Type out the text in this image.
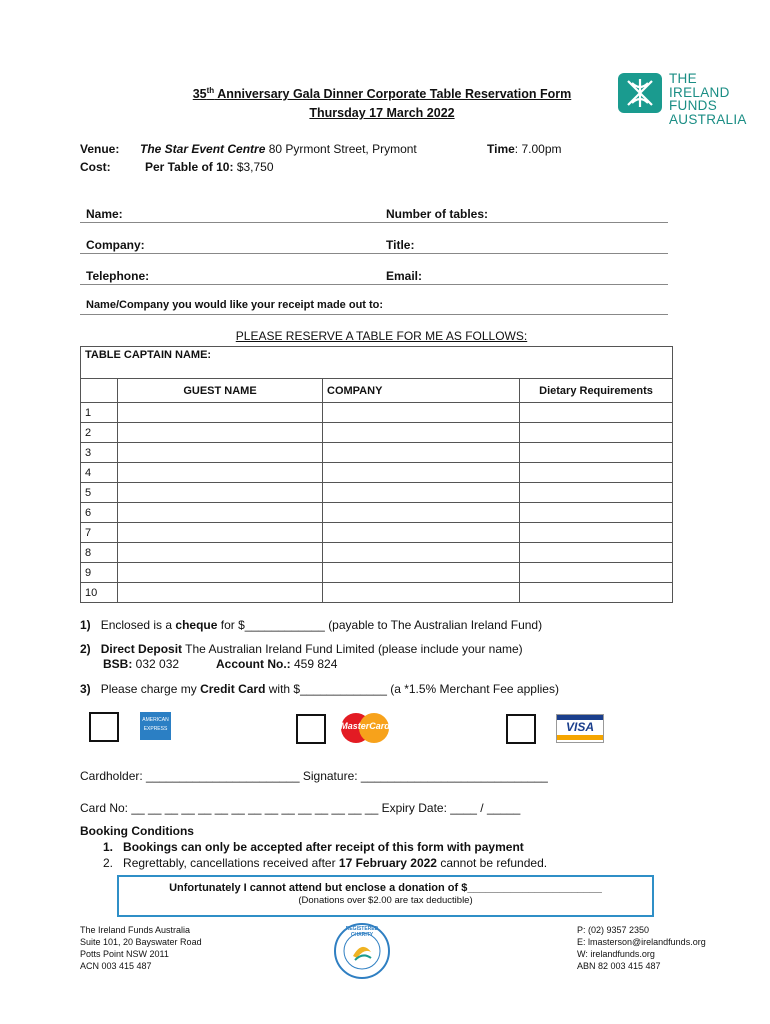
35th Anniversary Gala Dinner Corporate Table Reservation Form
Thursday 17 March 2022
THE
IRELAND
FUNDS
AUSTRALIA
Venue: The Star Event Centre 80 Pyrmont Street, Prymont	Time: 7.00pm
Cost:	Per Table of 10: $3,750
Name:	Number of tables:
Company:	Title:
Telephone:	Email:
Name/Company you would like your receipt made out to:
PLEASE RESERVE A TABLE FOR ME AS FOLLOWS:
TABLE CAPTAIN NAME:			
	GUEST NAME	COMPANY	Dietary Requirements
1			
2			
3			
4			
5			
6			
7			
8			
9			
10			
1) Enclosed is a cheque for $____________ (payable to The Australian Ireland Fund)
2) Direct Deposit The Australian Ireland Fund Limited (please include your name)
BSB: 032 032	Account No.: 459 824
3) Please charge my Credit Card with $_____________ (a *1.5% Merchant Fee applies)
AMERICAN
EXPRESS	MasterCard	VISA
Cardholder: _______________________ Signature: ____________________________
Card No: __ __ __ __ __ __ __ __ __ __ __ __ __ __ __ Expiry Date: ____ / _____
Booking Conditions
1. Bookings can only be accepted after receipt of this form with payment
2. Regrettably, cancellations received after 17 February 2022 cannot be refunded.
Unfortunately I cannot attend but enclose a donation of $______________________
(Donations over $2.00 are tax deductible)
The Ireland Funds Australia
Suite 101, 20 Bayswater Road
Potts Point NSW 2011
ACN 003 415 487
REGISTERED CHARITY	P: (02) 9357 2350
E: lmasterson@irelandfunds.org
W: irelandfunds.org
ABN 82 003 415 487
